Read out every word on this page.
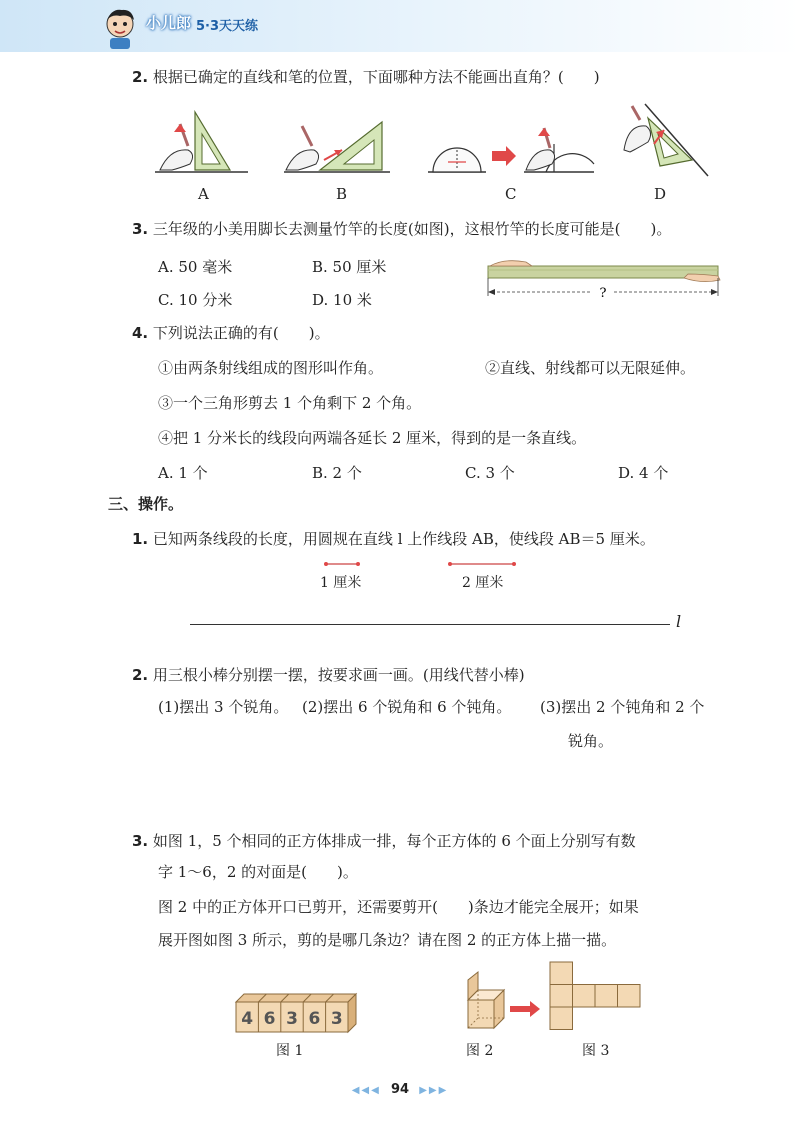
小儿郎 5·3天天练
2. 根据已确定的直线和笔的位置，下面哪种方法不能画出直角？(　　)
A	B	C	D
3. 三年级的小美用脚长去测量竹竿的长度(如图)，这根竹竿的长度可能是(　　)。
A. 50 毫米	B. 50 厘米
C. 10 分米	D. 10 米	?
4. 下列说法正确的有(　　)。
①由两条射线组成的图形叫作角。	②直线、射线都可以无限延伸。
③一个三角形剪去 1 个角剩下 2 个角。
④把 1 分米长的线段向两端各延长 2 厘米，得到的是一条直线。
A. 1 个	B. 2 个	C. 3 个	D. 4 个
三、操作。
1. 已知两条线段的长度，用圆规在直线 l 上作线段 AB，使线段 AB＝5 厘米。
1 厘米	2 厘米
l
2. 用三根小棒分别摆一摆，按要求画一画。(用线代替小棒)
(1)摆出 3 个锐角。 (2)摆出 6 个锐角和 6 个钝角。 (3)摆出 2 个钝角和 2 个
锐角。
3. 如图 1，5 个相同的正方体排成一排，每个正方体的 6 个面上分别写有数
字 1～6，2 的对面是(　　)。
图 2 中的正方体开口已剪开，还需要剪开(　　)条边才能完全展开；如果
展开图如图 3 所示，剪的是哪几条边？请在图 2 的正方体上描一描。
4 6 3 6 3
图 1	图 2	图 3
◀◀◀ 94 ▶▶▶
